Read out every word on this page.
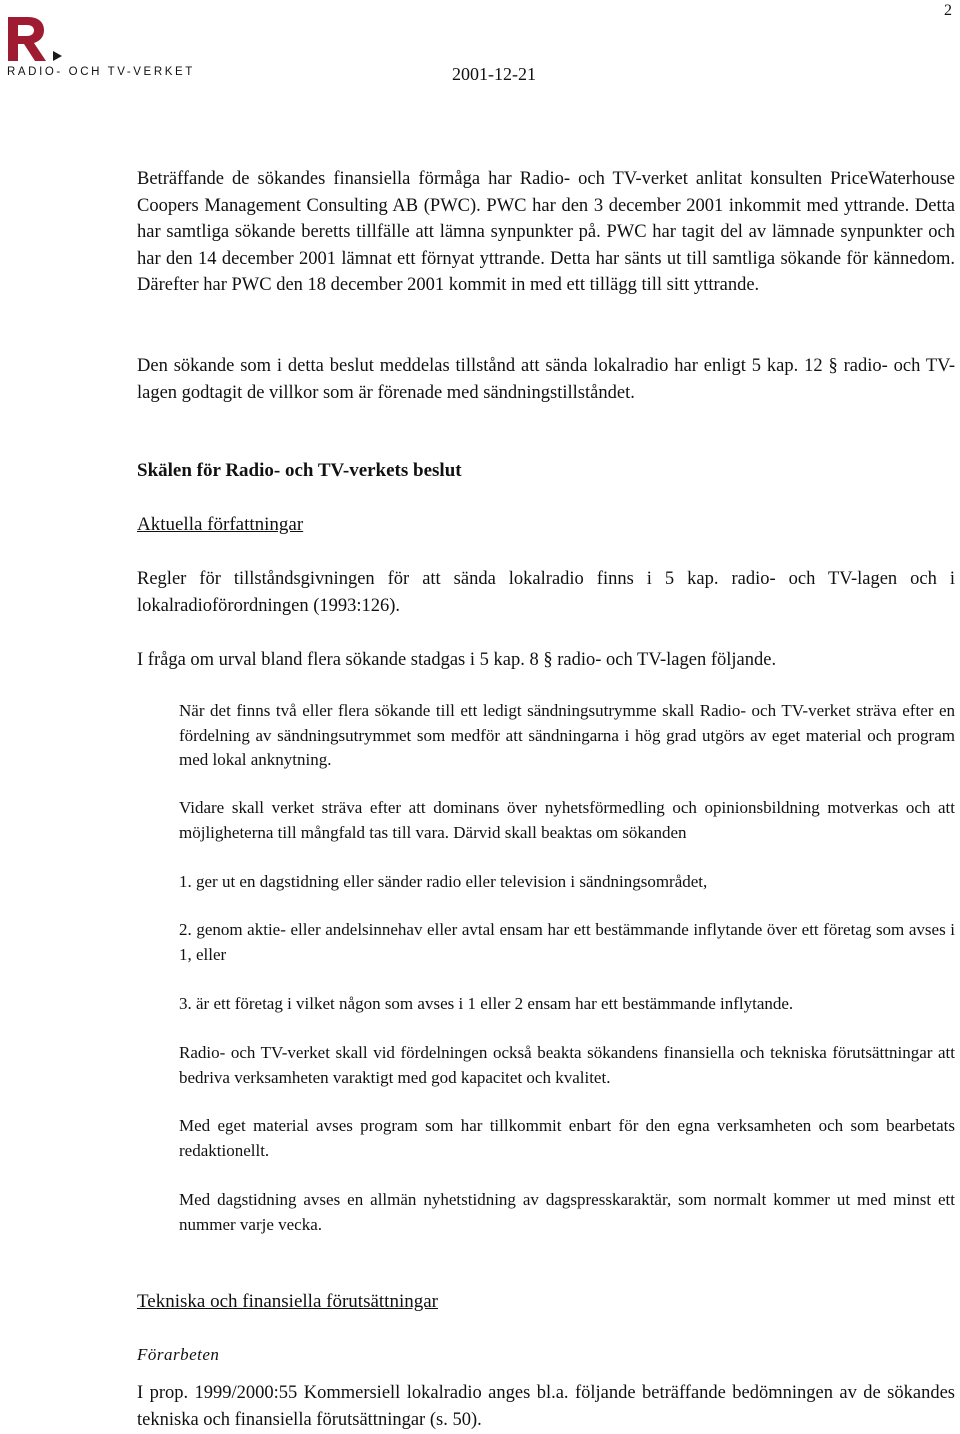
2
RADIO- OCH TV-VERKET	2001-12-21

Beträffande de sökandes finansiella förmåga har Radio- och TV-verket anlitat konsulten PriceWaterhouse Coopers Management Consulting AB (PWC). PWC har den 3 december 2001 inkommit med yttrande. Detta har samtliga sökande beretts tillfälle att lämna synpunkter på. PWC har tagit del av lämnade synpunkter och har den 14 december 2001 lämnat ett förnyat yttrande. Detta har sänts ut till samtliga sökande för kännedom. Därefter har PWC den 18 december 2001 kommit in med ett tillägg till sitt yttrande.

Den sökande som i detta beslut meddelas tillstånd att sända lokalradio har enligt 5 kap. 12 § radio- och TV-lagen godtagit de villkor som är förenade med sändningstillståndet.

Skälen för Radio- och TV-verkets beslut
Aktuella författningar

Regler för tillståndsgivningen för att sända lokalradio finns i 5 kap. radio- och TV-lagen och i lokalradioförordningen (1993:126).

I fråga om urval bland flera sökande stadgas i 5 kap. 8 § radio- och TV-lagen följande.

När det finns två eller flera sökande till ett ledigt sändningsutrymme skall Radio- och TV-verket sträva efter en fördelning av sändningsutrymmet som medför att sändningarna i hög grad utgörs av eget material och program med lokal anknytning.

Vidare skall verket sträva efter att dominans över nyhetsförmedling och opinionsbildning motverkas och att möjligheterna till mångfald tas till vara. Därvid skall beaktas om sökanden

1. ger ut en dagstidning eller sänder radio eller television i sändningsområdet,

2. genom aktie- eller andelsinnehav eller avtal ensam har ett bestämmande inflytande över ett företag som avses i 1, eller

3. är ett företag i vilket någon som avses i 1 eller 2 ensam har ett bestämmande inflytande.

Radio- och TV-verket skall vid fördelningen också beakta sökandens finansiella och tekniska förutsättningar att bedriva verksamheten varaktigt med god kapacitet och kvalitet.

Med eget material avses program som har tillkommit enbart för den egna verksamheten och som bearbetats redaktionellt.

Med dagstidning avses en allmän nyhetstidning av dagspresskaraktär, som normalt kommer ut med minst ett nummer varje vecka.

Tekniska och finansiella förutsättningar
Förarbeten

I prop. 1999/2000:55 Kommersiell lokalradio anges bl.a. följande beträffande bedömningen av de sökandes tekniska och finansiella förutsättningar (s. 50).
